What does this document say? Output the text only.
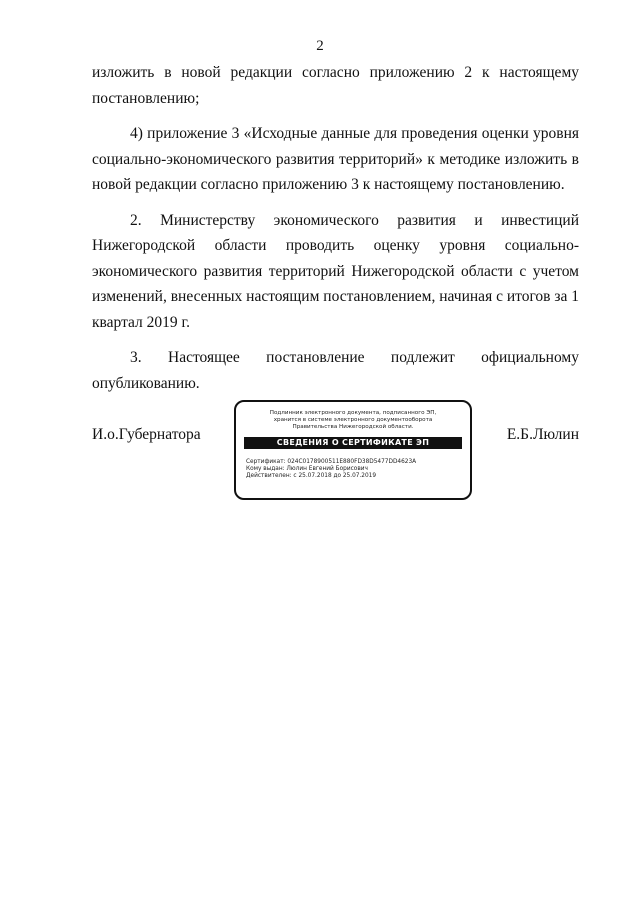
2

изложить в новой редакции согласно приложению 2 к настоящему постановлению;

4) приложение 3 «Исходные данные для проведения оценки уровня социально-экономического развития территорий» к методике изложить в новой редакции согласно приложению 3 к настоящему постановлению.

2. Министерству экономического развития и инвестиций Нижегородской области проводить оценку уровня социально-экономического развития территорий Нижегородской области с учетом изменений, внесенных настоящим постановлением, начиная с итогов за 1 квартал 2019 г.

3. Настоящее постановление подлежит официальному опубликованию.

И.о.Губернатора
Подлинник электронного документа, подписанного ЭП,
хранится в системе электронного документооборота
Правительства Нижегородской области.
СВЕДЕНИЯ О СЕРТИФИКАТЕ ЭП
Сертификат: 024C0178900511E880FD38D5477DD4623A
Кому выдан: Люлин Евгений Борисович
Действителен: с 25.07.2018 до 25.07.2019
Е.Б.Люлин
